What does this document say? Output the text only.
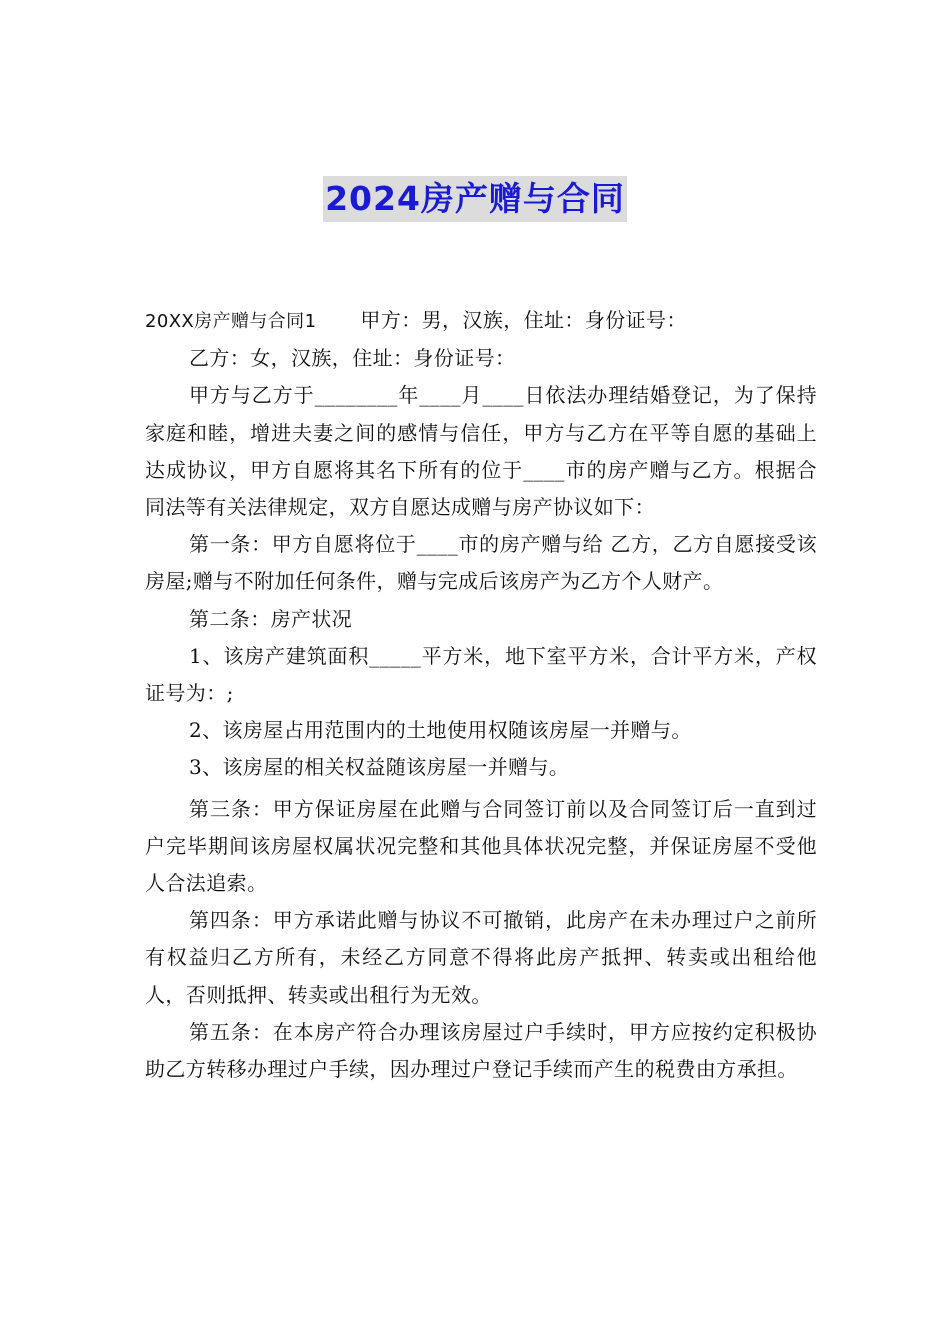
2024房产赠与合同

20XX房产赠与合同1 甲方：男，汉族，住址：身份证号：

乙方：女，汉族，住址：身份证号：

甲方与乙方于________年____月____日依法办理结婚登记，为了保持家庭和睦，增进夫妻之间的感情与信任，甲方与乙方在平等自愿的基础上达成协议，甲方自愿将其名下所有的位于____市的房产赠与乙方。根据合同法等有关法律规定，双方自愿达成赠与房产协议如下：

第一条：甲方自愿将位于____市的房产赠与给 乙方，乙方自愿接受该房屋;赠与不附加任何条件，赠与完成后该房产为乙方个人财产。

第二条：房产状况

1、该房产建筑面积_____平方米，地下室平方米，合计平方米，产权证号为：;

2、该房屋占用范围内的土地使用权随该房屋一并赠与。

3、该房屋的相关权益随该房屋一并赠与。

第三条：甲方保证房屋在此赠与合同签订前以及合同签订后一直到过户完毕期间该房屋权属状况完整和其他具体状况完整，并保证房屋不受他人合法追索。

第四条：甲方承诺此赠与协议不可撤销，此房产在未办理过户之前所有权益归乙方所有，未经乙方同意不得将此房产抵押、转卖或出租给他人，否则抵押、转卖或出租行为无效。

第五条：在本房产符合办理该房屋过户手续时，甲方应按约定积极协助乙方转移办理过户手续，因办理过户登记手续而产生的税费由方承担。
